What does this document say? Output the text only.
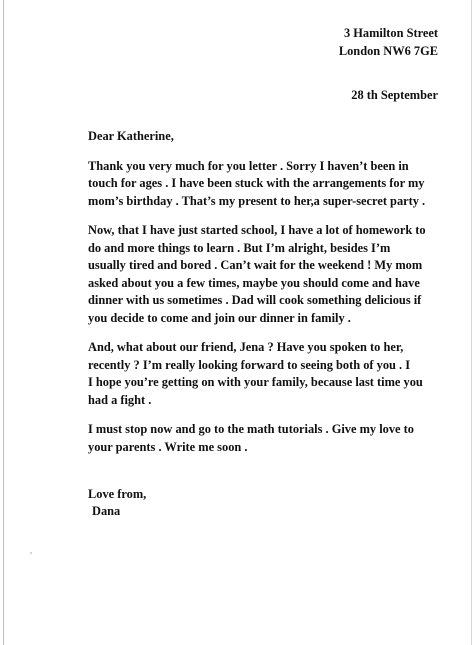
3 Hamilton Street
London NW6 7GE
28 th September

Dear Katherine,

Thank you very much for you letter . Sorry I haven’t been in
touch for ages . I have been stuck with the arrangements for my
mom’s birthday . That’s my present to her,a super-secret party .

Now, that I have just started school, I have a lot of homework to
do and more things to learn . But I’m alright, besides I’m
usually tired and bored . Can’t wait for the weekend ! My mom
asked about you a few times, maybe you should come and have
dinner with us sometimes . Dad will cook something delicious if
you decide to come and join our dinner in family .

And, what about our friend, Jena ? Have you spoken to her,
recently ? I’m really looking forward to seeing both of you . I
I hope you’re getting on with your family, because last time you
had a fight .

I must stop now and go to the math tutorials . Give my love to
your parents . Write me soon .

Love from,
Dana
